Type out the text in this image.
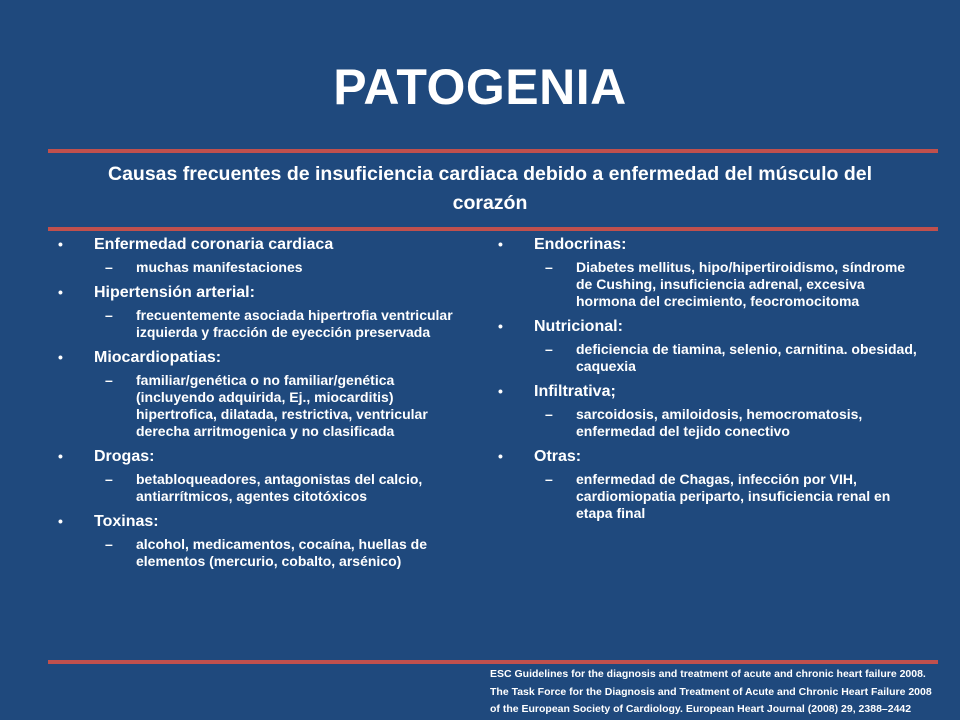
PATOGENIA
Causas frecuentes de insuficiencia cardiaca debido a enfermedad del músculo del corazón
• Enfermedad coronaria cardiaca
– muchas manifestaciones
• Hipertensión arterial:
– frecuentemente asociada hipertrofia ventricular izquierda y fracción de eyección preservada
• Miocardiopatias:
– familiar/genética o no familiar/genética (incluyendo adquirida, Ej., miocarditis) hipertrofica, dilatada, restrictiva, ventricular derecha arritmogenica y no clasificada
• Drogas:
– betabloqueadores, antagonistas del calcio, antiarrítmicos, agentes citotóxicos
• Toxinas:
– alcohol, medicamentos, cocaína, huellas de elementos (mercurio, cobalto, arsénico)
• Endocrinas:
– Diabetes mellitus, hipo/hipertiroidismo, síndrome de Cushing, insuficiencia adrenal, excesiva hormona del crecimiento, feocromocitoma
• Nutricional:
– deficiencia de tiamina, selenio, carnitina. obesidad, caquexia
• Infiltrativa;
– sarcoidosis, amiloidosis, hemocromatosis, enfermedad del tejido conectivo
• Otras:
– enfermedad de Chagas, infección por VIH, cardiomiopatia periparto, insuficiencia renal en etapa final
ESC Guidelines for the diagnosis and treatment of acute and chronic heart failure 2008.
The Task Force for the Diagnosis and Treatment of Acute and Chronic Heart Failure 2008
of the European Society of Cardiology. European Heart Journal (2008) 29, 2388–2442
